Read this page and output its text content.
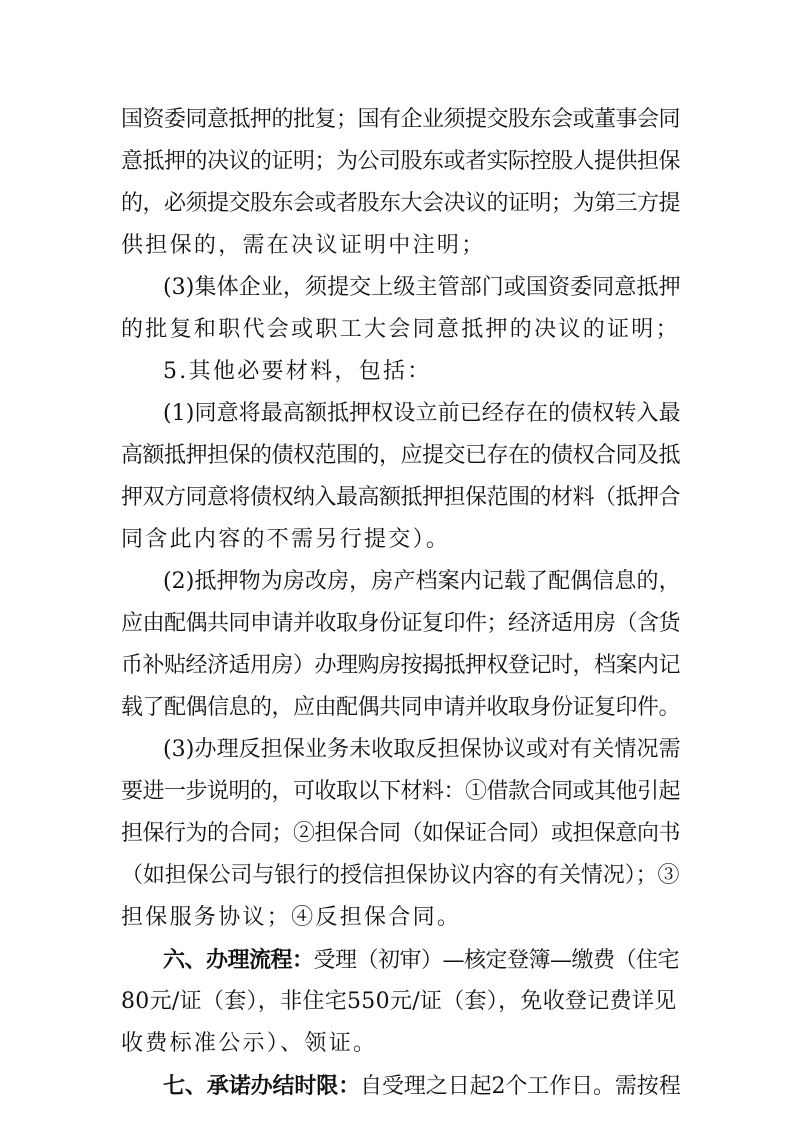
国资委同意抵押的批复；国有企业须提交股东会或董事会同
意抵押的决议的证明；为公司股东或者实际控股人提供担保
的，必须提交股东会或者股东大会决议的证明；为第三方提
供担保的，需在决议证明中注明；
(3)集体企业，须提交上级主管部门或国资委同意抵押
的批复和职代会或职工大会同意抵押的决议的证明；
5.其他必要材料，包括：
(1)同意将最高额抵押权设立前已经存在的债权转入最
高额抵押担保的债权范围的，应提交已存在的债权合同及抵
押双方同意将债权纳入最高额抵押担保范围的材料（抵押合
同含此内容的不需另行提交）。
(2)抵押物为房改房，房产档案内记载了配偶信息的，
应由配偶共同申请并收取身份证复印件；经济适用房（含货
币补贴经济适用房）办理购房按揭抵押权登记时，档案内记
载了配偶信息的，应由配偶共同申请并收取身份证复印件。
(3)办理反担保业务未收取反担保协议或对有关情况需
要进一步说明的，可收取以下材料：①借款合同或其他引起
担保行为的合同；②担保合同（如保证合同）或担保意向书
（如担保公司与银行的授信担保协议内容的有关情况）；③
担保服务协议；④反担保合同。
六、办理流程：受理（初审）—核定登簿—缴费（住宅
80元/证（套），非住宅550元/证（套），免收登记费详见
收费标准公示）、领证。
七、承诺办结时限：自受理之日起2个工作日。需按程
